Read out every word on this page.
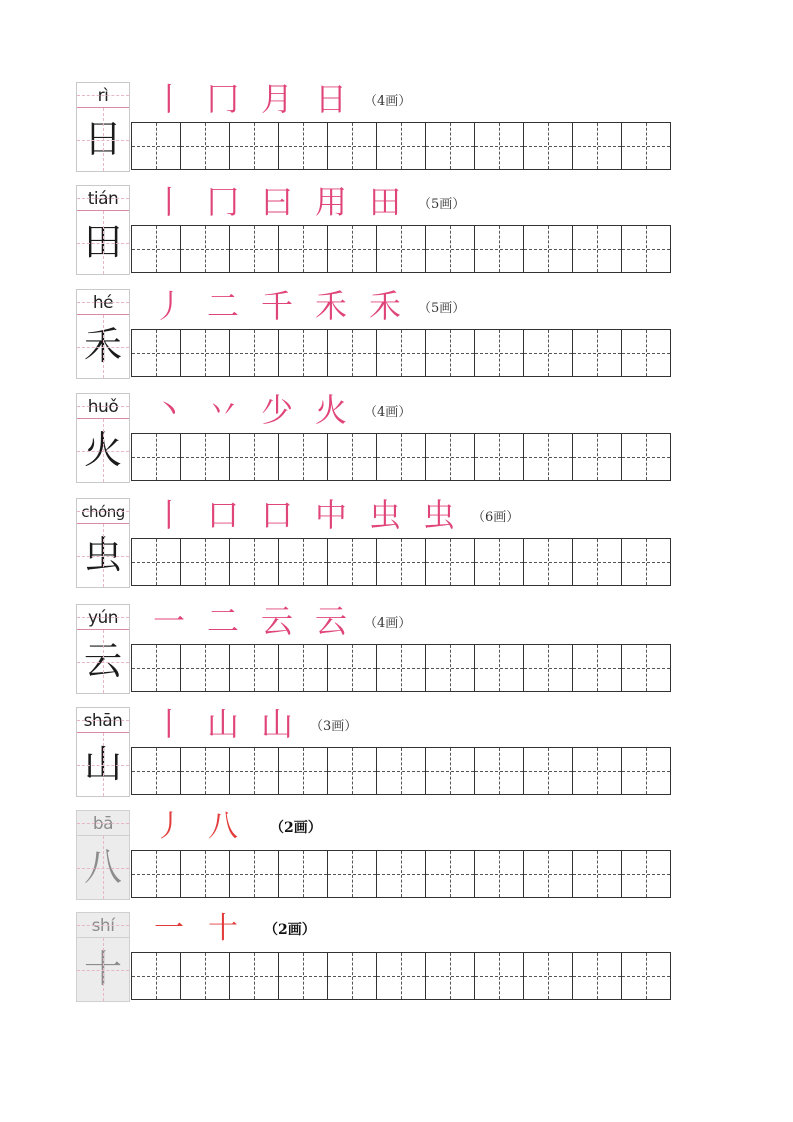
rì
日
丨 冂 月 日	（4画）
tián
田
丨 冂 曰 用 田	（5画）
hé
禾
丿 二 千 禾 禾	（5画）
huǒ
火
丶 丷 少 火	（4画）
chóng
虫
丨 口 口 中 虫 虫	（6画）
yún
云
一 二 云 云	（4画）
shān
山
丨 山 山	（3画）
bā
八
丿 八	（2画）
shí
十
一 十	（2画）
